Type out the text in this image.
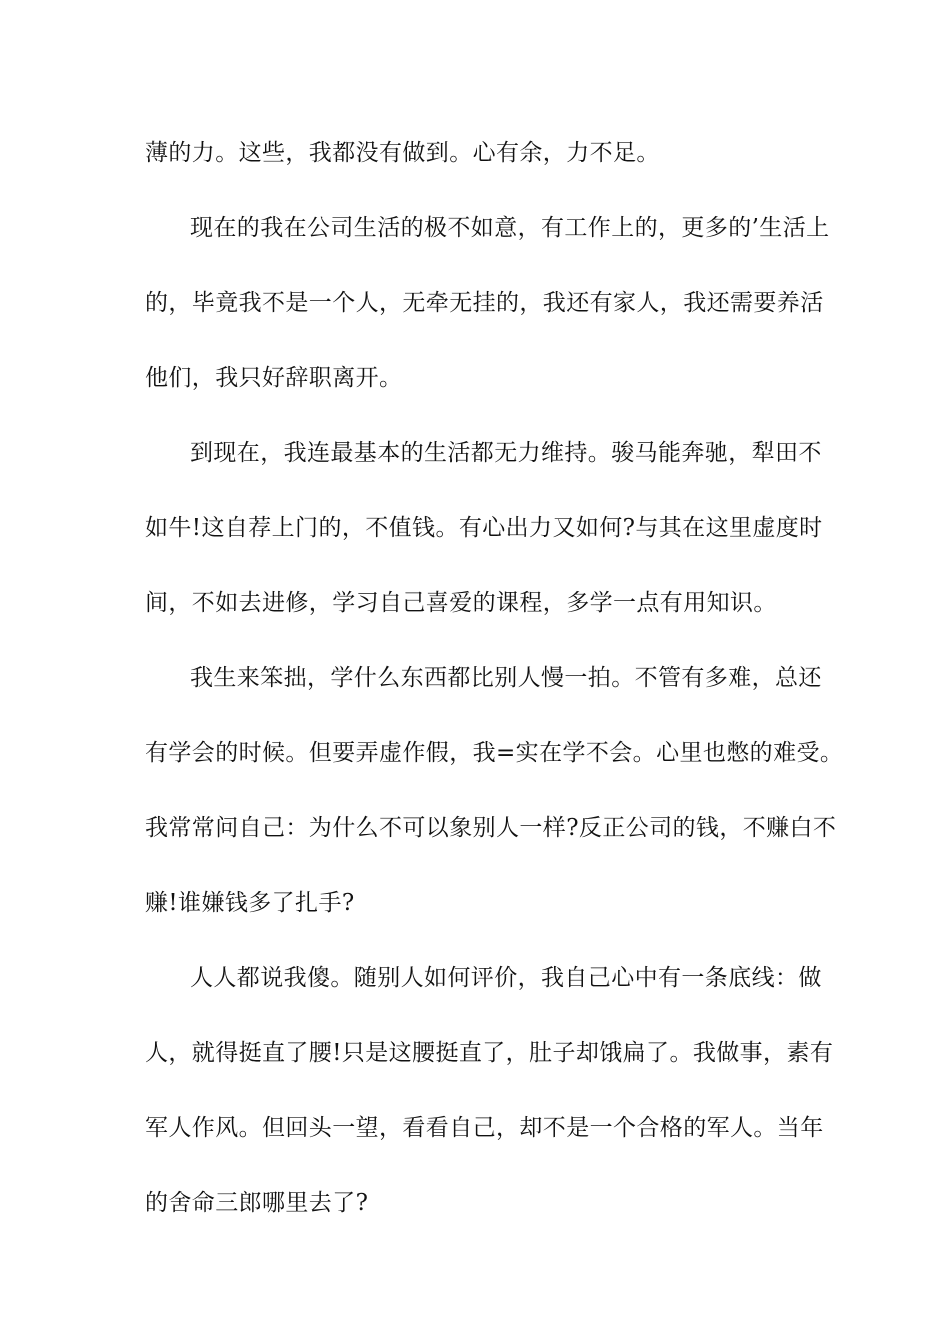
薄的力。这些，我都没有做到。心有余，力不足。
现在的我在公司生活的极不如意，有工作上的，更多的’生活上
的，毕竟我不是一个人，无牵无挂的，我还有家人，我还需要养活
他们，我只好辞职离开。
到现在，我连最基本的生活都无力维持。骏马能奔驰，犁田不
如牛!这自荐上门的，不值钱。有心出力又如何?与其在这里虚度时
间，不如去进修，学习自己喜爱的课程，多学一点有用知识。
我生来笨拙，学什么东西都比别人慢一拍。不管有多难，总还
有学会的时候。但要弄虚作假，我=实在学不会。心里也憋的难受。
我常常问自己：为什么不可以象别人一样?反正公司的钱，不赚白不
赚!谁嫌钱多了扎手?
人人都说我傻。随别人如何评价，我自己心中有一条底线：做
人，就得挺直了腰!只是这腰挺直了，肚子却饿扁了。我做事，素有
军人作风。但回头一望，看看自己，却不是一个合格的军人。当年
的舍命三郎哪里去了?
